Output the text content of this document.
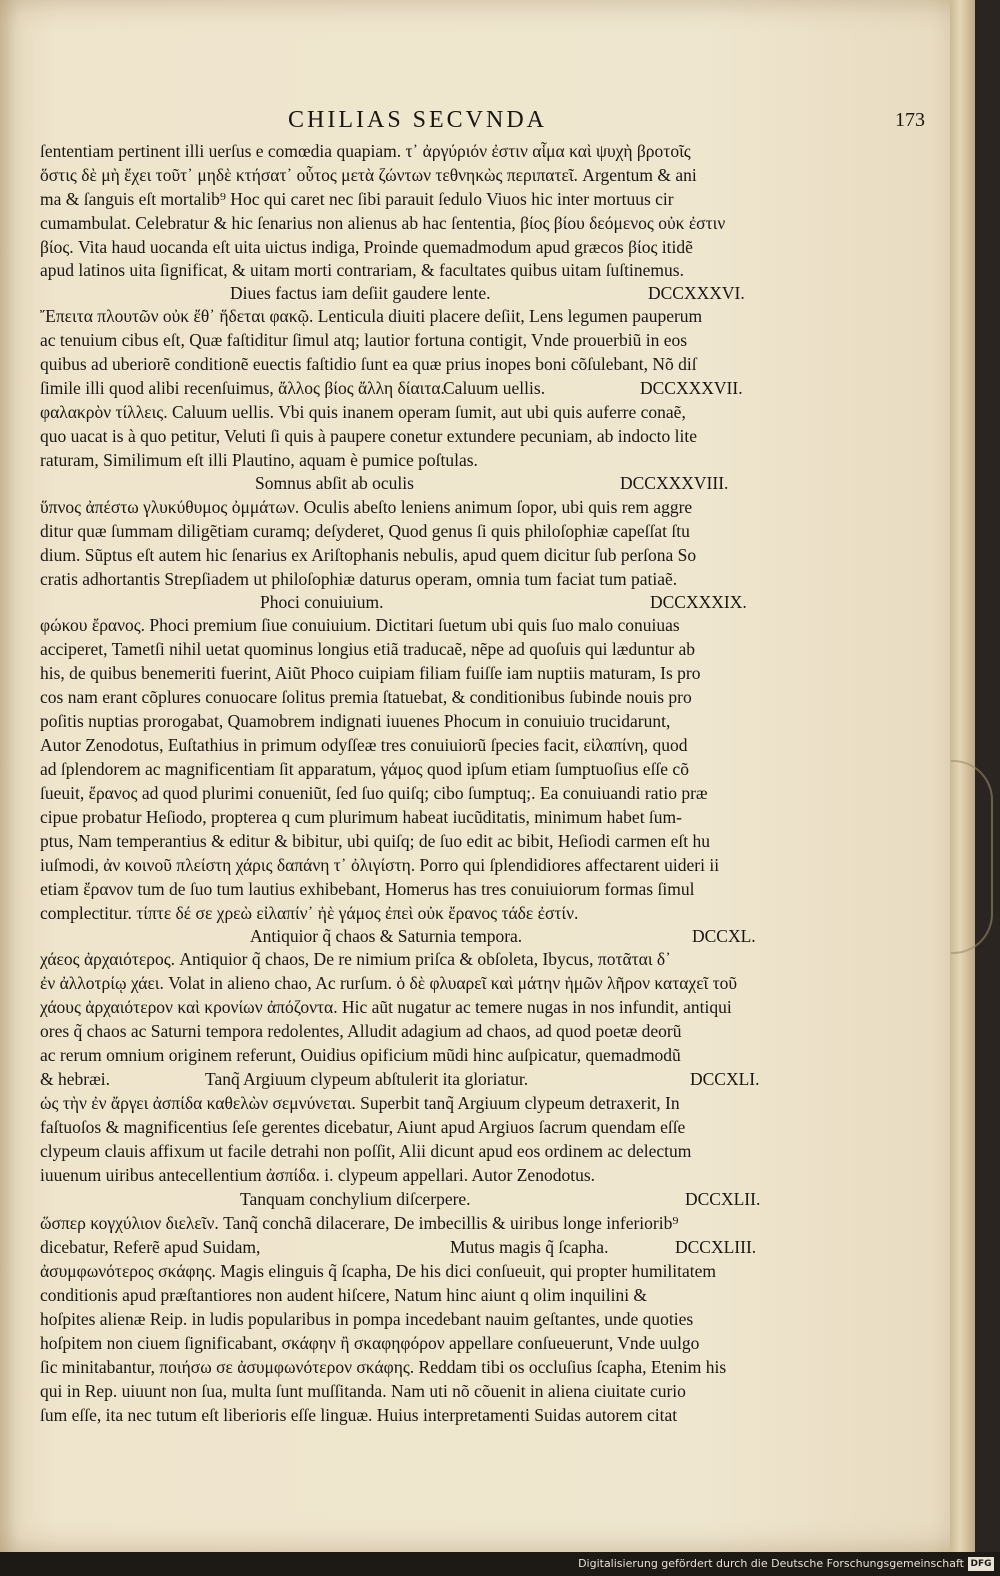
CHILIAS SECVNDA	173
ſententiam pertinent illi uerſus e comœdia quapiam. τ᾽ ἀργύριόν ἐστιν αἷμα καὶ ψυχὴ βροτοῖς
ὅστις δὲ μὴ ἔχει τοῦτ᾽ μηδὲ κτήσατ᾽ οὗτος μετὰ ζώντων τεθνηκὼς περιπατεῖ. Argentum & ani
ma & ſanguis eſt mortalib⁹ Hoc qui caret nec ſibi parauit ſedulo Viuos hic inter mortuus cir
cumambulat. Celebratur & hic ſenarius non alienus ab hac ſententia, βίος βίου δεόμενος οὐκ ἐστιν
βίος. Vita haud uocanda eſt uita uictus indiga, Proinde quemadmodum apud græcos βίος itidẽ
apud latinos uita ſignificat, & uitam morti contrariam, & facultates quibus uitam ſuſtinemus.
Diues factus iam deſiit gaudere lente.	DCCXXXVI.
Ἔπειτα πλουτῶν οὐκ ἔθ᾽ ἥδεται φακῷ. Lenticula diuiti placere deſiit, Lens legumen pauperum
ac tenuium cibus eſt, Quæ faſtiditur ſimul atq; lautior fortuna contigit, Vnde prouerbiũ in eos
quibus ad uberiorẽ conditionẽ euectis faſtidio ſunt ea quæ prius inopes boni cõſulebant, Nõ diſ
ſimile illi quod alibi recenſuimus, ἄλλος βίος ἄλλη δίαιτα.
Caluum uellis.	DCCXXXVII.
φαλακρὸν τίλλεις. Caluum uellis. Vbi quis inanem operam ſumit, aut ubi quis auferre conaẽ,
quo uacat is à quo petitur, Veluti ſi quis à paupere conetur extundere pecuniam, ab indocto lite
raturam, Similimum eſt illi Plautino, aquam è pumice poſtulas.
Somnus abſit ab oculis	DCCXXXVIII.
ὕπνος ἀπέστω γλυκύθυμος ὀμμάτων. Oculis abeſto leniens animum ſopor, ubi quis rem aggre
ditur quæ ſummam diligẽtiam curamq; deſyderet, Quod genus ſi quis philoſophiæ capeſſat ſtu
dium. Sũptus eſt autem hic ſenarius ex Ariſtophanis nebulis, apud quem dicitur ſub perſona So
cratis adhortantis Strepſiadem ut philoſophiæ daturus operam, omnia tum faciat tum patiaẽ.
Phoci conuiuium.	DCCXXXIX.
φώκου ἔρανος. Phoci premium ſiue conuiuium. Dictitari ſuetum ubi quis ſuo malo conuiuas
acciperet, Tametſi nihil uetat quominus longius etiã traducaẽ, nẽpe ad quoſuis qui læduntur ab
his, de quibus benemeriti fuerint, Aiũt Phoco cuipiam filiam fuiſſe iam nuptiis maturam, Is pro
cos nam erant cõplures conuocare ſolitus premia ſtatuebat, & conditionibus ſubinde nouis pro
poſitis nuptias prorogabat, Quamobrem indignati iuuenes Phocum in conuiuio trucidarunt,
Autor Zenodotus, Euſtathius in primum odyſſeæ tres conuiuiorũ ſpecies facit, εἰλαπίνη, quod
ad ſplendorem ac magnificentiam ſit apparatum, γάμος quod ipſum etiam ſumptuoſius eſſe cõ
ſueuit, ἔρανος ad quod plurimi conueniũt, ſed ſuo quiſq; cibo ſumptuq;. Ea conuiuandi ratio præ
cipue probatur Heſiodo, propterea q cum plurimum habeat iucũditatis, minimum habet ſum-
ptus, Nam temperantius & editur & bibitur, ubi quiſq; de ſuo edit ac bibit, Heſiodi carmen eſt hu
iuſmodi, ἀν κοινοῦ πλείστη χάρις δαπάνη τ᾽ ὀλιγίστη. Porro qui ſplendidiores affectarent uideri ii
etiam ἔρανον tum de ſuo tum lautius exhibebant, Homerus has tres conuiuiorum formas ſimul
complectitur. τίπτε δέ σε χρεὼ εἰλαπίν᾽ ἠὲ γάμος ἐπεὶ οὐκ ἔρανος τάδε ἐστίν.
Antiquior q̃ chaos & Saturnia tempora.	DCCXL.
χάεος ἀρχαιότερος. Antiquior q̃ chaos, De re nimium priſca & obſoleta, Ibycus, ποτᾶται δ᾽
ἐν ἀλλοτρίῳ χάει. Volat in alieno chao, Ac rurſum. ὁ δὲ φλυαρεῖ καὶ μάτην ἡμῶν λῆρον καταχεῖ τοῦ
χάους ἀρχαιότερον καὶ κρονίων ἀπόζοντα. Hic aũt nugatur ac temere nugas in nos infundit, antiqui
ores q̃ chaos ac Saturni tempora redolentes, Alludit adagium ad chaos, ad quod poetæ deorũ
ac rerum omnium originem referunt, Ouidius opificium mũdi hinc auſpicatur, quemadmodũ
& hebræi.	Tanq̃ Argiuum clypeum abſtulerit ita gloriatur.	DCCXLI.
ὡς τὴν ἐν ἄργει ἀσπίδα καθελὼν σεμνύνεται. Superbit tanq̃ Argiuum clypeum detraxerit, In
faſtuoſos & magnificentius ſeſe gerentes dicebatur, Aiunt apud Argiuos ſacrum quendam eſſe
clypeum clauis affixum ut facile detrahi non poſſit, Alii dicunt apud eos ordinem ac delectum
iuuenum uiribus antecellentium ἀσπίδα. i. clypeum appellari. Autor Zenodotus.
Tanquam conchylium diſcerpere.	DCCXLII.
ὥσπερ κογχύλιον διελεῖν. Tanq̃ conchã dilacerare, De imbecillis & uiribus longe inferiorib⁹
dicebatur, Referẽ apud Suidam,	Mutus magis q̃ ſcapha.	DCCXLIII.
ἀσυμφωνότερος σκάφης. Magis elinguis q̃ ſcapha, De his dici conſueuit, qui propter humilitatem
conditionis apud præſtantiores non audent hiſcere, Natum hinc aiunt q olim inquilini &
hoſpites alienæ Reip. in ludis popularibus in pompa incedebant nauim geſtantes, unde quoties
hoſpitem non ciuem ſignificabant, σκάφην ἢ σκαφηφόρον appellare conſueuerunt, Vnde uulgo
ſic minitabantur, ποιήσω σε ἀσυμφωνότερον σκάφης. Reddam tibi os occluſius ſcapha, Etenim his
qui in Rep. uiuunt non ſua, multa ſunt muſſitanda. Nam uti nõ cõuenit in aliena ciuitate curio
ſum eſſe, ita nec tutum eſt liberioris eſſe linguæ. Huius interpretamenti Suidas autorem citat
Digitalisierung gefördert durch die Deutsche Forschungsgemeinschaft DFG
